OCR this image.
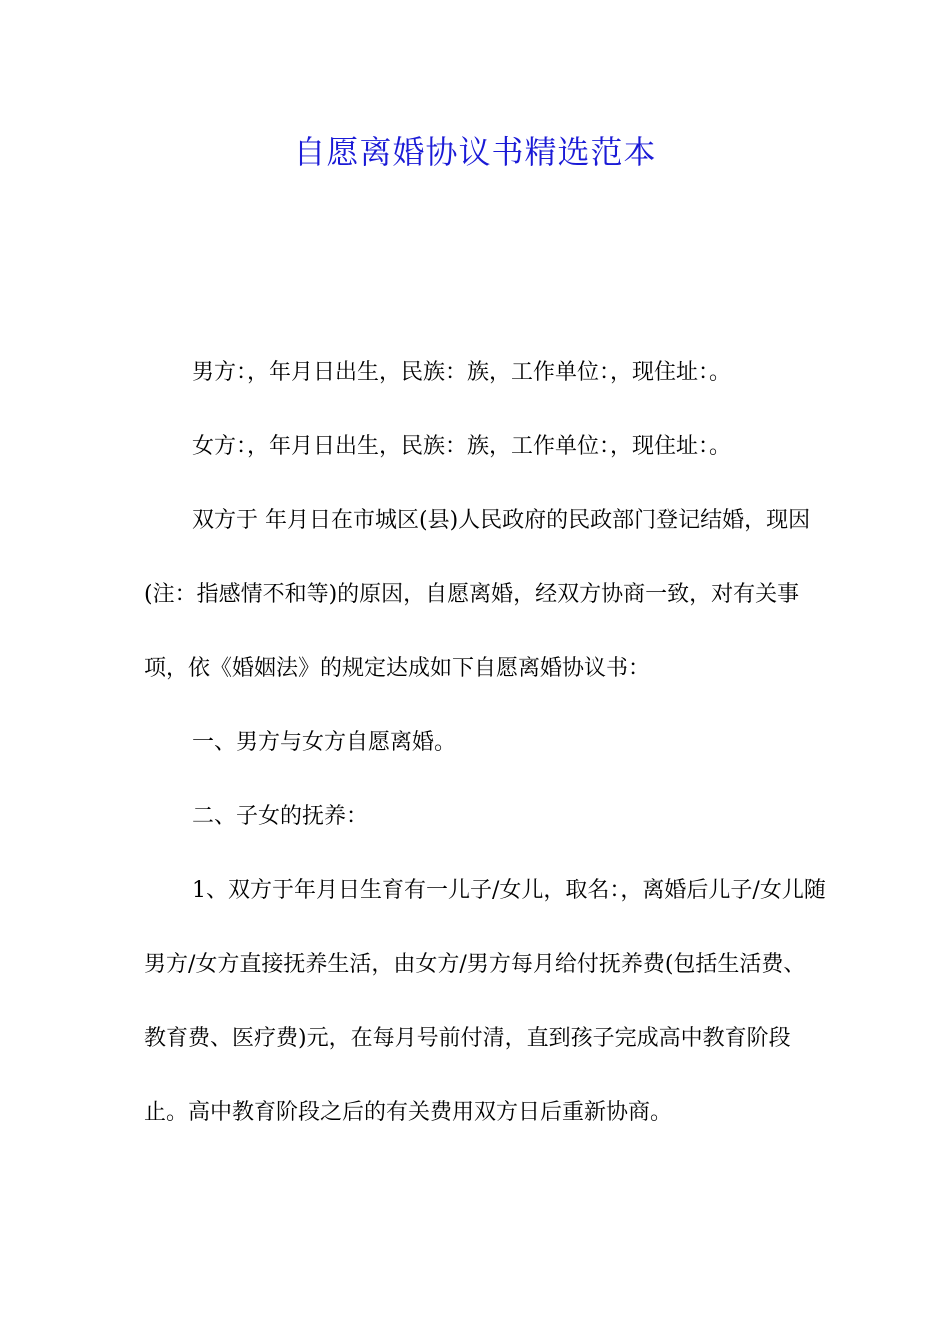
自愿离婚协议书精选范本

男方：，年月日出生，民族：族，工作单位：，现住址：。

女方：，年月日出生，民族：族，工作单位：，现住址：。

双方于 年月日在市城区(县)人民政府的民政部门登记结婚，现因(注：指感情不和等)的原因，自愿离婚，经双方协商一致，对有关事项，依《婚姻法》的规定达成如下自愿离婚协议书：

一、男方与女方自愿离婚。

二、子女的抚养：

1、双方于年月日生育有一儿子/女儿，取名：，离婚后儿子/女儿随男方/女方直接抚养生活，由女方/男方每月给付抚养费(包括生活费、教育费、医疗费)元，在每月号前付清，直到孩子完成高中教育阶段止。高中教育阶段之后的有关费用双方日后重新协商。
